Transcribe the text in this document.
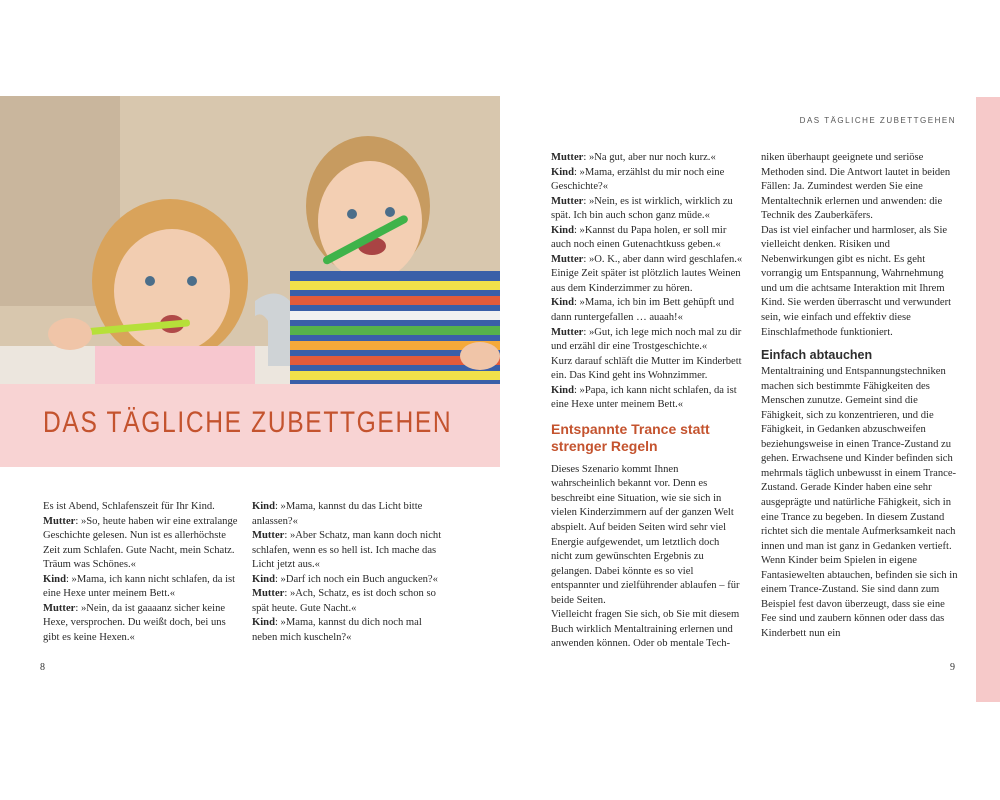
DAS TÄGLICHE ZUBETTGEHEN

Es ist Abend, Schlafenszeit für Ihr Kind.

Mutter: »So, heute haben wir eine extralange Geschichte gelesen. Nun ist es allerhöchste Zeit zum Schlafen. Gute Nacht, mein Schatz. Träum was Schönes.«

Kind: »Mama, ich kann nicht schlafen, da ist eine Hexe unter meinem Bett.«

Mutter: »Nein, da ist gaaaanz sicher keine Hexe, versprochen. Du weißt doch, bei uns gibt es keine Hexen.«

Kind: »Mama, kannst du das Licht bitte anlassen?«

Mutter: »Aber Schatz, man kann doch nicht schlafen, wenn es so hell ist. Ich mache das Licht jetzt aus.«

Kind: »Darf ich noch ein Buch angucken?«

Mutter: »Ach, Schatz, es ist doch schon so spät heute. Gute Nacht.«

Kind: »Mama, kannst du dich noch mal neben mich kuscheln?«

8
DAS TÄGLICHE ZUBETTGEHEN

Mutter: »Na gut, aber nur noch kurz.«

Kind: »Mama, erzählst du mir noch eine Geschichte?«

Mutter: »Nein, es ist wirklich, wirklich zu spät. Ich bin auch schon ganz müde.«

Kind: »Kannst du Papa holen, er soll mir auch noch einen Gutenachtkuss geben.«

Mutter: »O. K., aber dann wird geschlafen.«

Einige Zeit später ist plötzlich lautes Weinen aus dem Kinderzimmer zu hören.

Kind: »Mama, ich bin im Bett gehüpft und dann runtergefallen … auaah!«

Mutter: »Gut, ich lege mich noch mal zu dir und erzähl dir eine Trostgeschichte.«

Kurz darauf schläft die Mutter im Kinderbett ein. Das Kind geht ins Wohnzimmer.

Kind: »Papa, ich kann nicht schlafen, da ist eine Hexe unter meinem Bett.«

Entspannte Trance statt strenger Regeln

Dieses Szenario kommt Ihnen wahrscheinlich bekannt vor. Denn es beschreibt eine Situation, wie sie sich in vielen Kinderzimmern auf der ganzen Welt abspielt. Auf beiden Seiten wird sehr viel Energie aufgewendet, um letztlich doch nicht zum gewünschten Ergebnis zu gelangen. Dabei könnte es so viel entspannter und zielführender ablaufen – für beide Seiten.

Vielleicht fragen Sie sich, ob Sie mit diesem Buch wirklich Mentaltraining erlernen und anwenden können. Oder ob mentale Tech-

niken überhaupt geeignete und seriöse Methoden sind. Die Antwort lautet in beiden Fällen: Ja. Zumindest werden Sie eine Mentaltechnik erlernen und anwenden: die Technik des Zauberkäfers.

Das ist viel einfacher und harmloser, als Sie vielleicht denken. Risiken und Nebenwirkungen gibt es nicht. Es geht vorrangig um Entspannung, Wahrnehmung und um die achtsame Interaktion mit Ihrem Kind. Sie werden überrascht und verwundert sein, wie einfach und effektiv diese Einschlafmethode funktioniert.

Einfach abtauchen

Mentaltraining und Entspannungstechniken machen sich bestimmte Fähigkeiten des Menschen zunutze. Gemeint sind die Fähigkeit, sich zu konzentrieren, und die Fähigkeit, in Gedanken abzuschweifen beziehungsweise in einen Trance-Zustand zu gehen. Erwachsene und Kinder befinden sich mehrmals täglich unbewusst in einem Trance-Zustand. Gerade Kinder haben eine sehr ausgeprägte und natürliche Fähigkeit, sich in eine Trance zu begeben. In diesem Zustand richtet sich die mentale Aufmerksamkeit nach innen und man ist ganz in Gedanken vertieft. Wenn Kinder beim Spielen in eigene Fantasiewelten abtauchen, befinden sie sich in einem Trance-Zustand. Sie sind dann zum Beispiel fest davon überzeugt, dass sie eine Fee sind und zaubern können oder dass das Kinderbett nun ein

9
